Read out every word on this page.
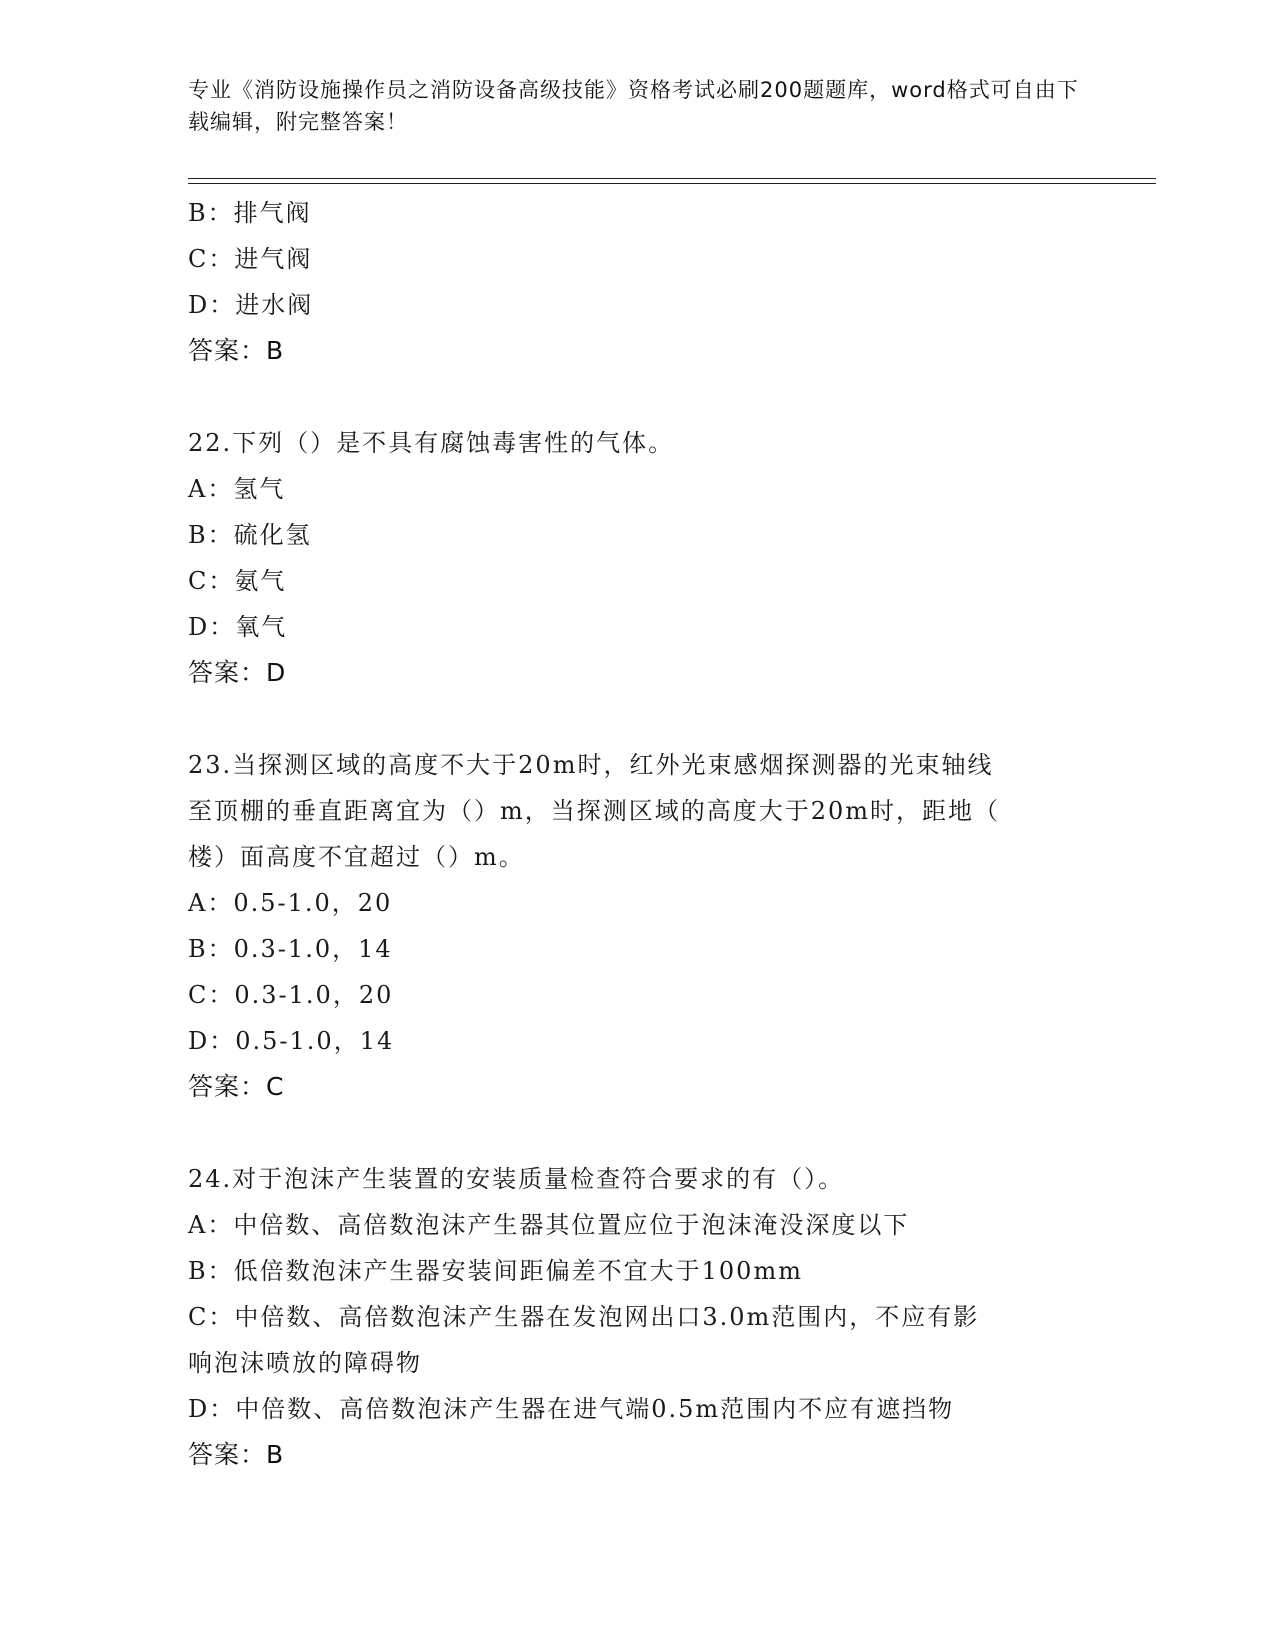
专业《消防设施操作员之消防设备高级技能》资格考试必刷200题题库，word格式可自由下载编辑，附完整答案！
B：排气阀
C：进气阀
D：进水阀
答案：B
22.下列（）是不具有腐蚀毒害性的气体。
A：氢气
B：硫化氢
C：氨气
D：氧气
答案：D
23.当探测区域的高度不大于20m时，红外光束感烟探测器的光束轴线
至顶棚的垂直距离宜为（）m，当探测区域的高度大于20m时，距地（
楼）面高度不宜超过（）m。
A：0.5-1.0，20
B：0.3-1.0，14
C：0.3-1.0，20
D：0.5-1.0，14
答案：C
24.对于泡沫产生装置的安装质量检查符合要求的有（）。
A：中倍数、高倍数泡沫产生器其位置应位于泡沫淹没深度以下
B：低倍数泡沫产生器安装间距偏差不宜大于100mm
C：中倍数、高倍数泡沫产生器在发泡网出口3.0m范围内，不应有影
响泡沫喷放的障碍物
D：中倍数、高倍数泡沫产生器在进气端0.5m范围内不应有遮挡物
答案：B
